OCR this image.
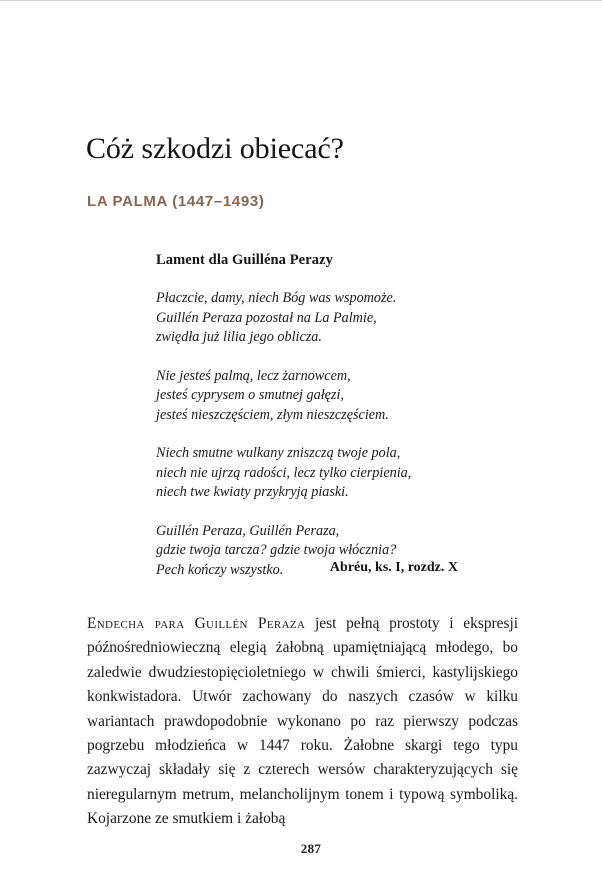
Cóż szkodzi obiecać?
LA PALMA (1447–1493)
Lament dla Guilléna Perazy
Płaczcie, damy, niech Bóg was wspomoże.
Guillén Peraza pozostał na La Palmie,
zwiędła już lilia jego oblicza.
Nie jesteś palmą, lecz żarnowcem,
jesteś cyprysem o smutnej gałęzi,
jesteś nieszczęściem, złym nieszczęściem.
Niech smutne wulkany zniszczą twoje pola,
niech nie ujrzą radości, lecz tylko cierpienia,
niech twe kwiaty przykryją piaski.
Guillén Peraza, Guillén Peraza,
gdzie twoja tarcza? gdzie twoja włócznia?
Pech kończy wszystko.	Abréu, ks. I, rozdz. X

Endecha para Guillén Peraza jest pełną prostoty i ekspresji późnośredniowieczną elegią żałobną upamiętniającą młodego, bo zaledwie dwudziestopięcioletniego w chwili śmierci, kastylijskiego konkwistadora. Utwór zachowany do naszych czasów w kilku wariantach prawdopodobnie wykonano po raz pierwszy podczas pogrzebu młodzieńca w 1447 roku. Żałobne skargi tego typu zazwyczaj składały się z czterech wersów charakteryzujących się nieregularnym metrum, melancholijnym tonem i typową symboliką. Kojarzone ze smutkiem i żałobą

287
